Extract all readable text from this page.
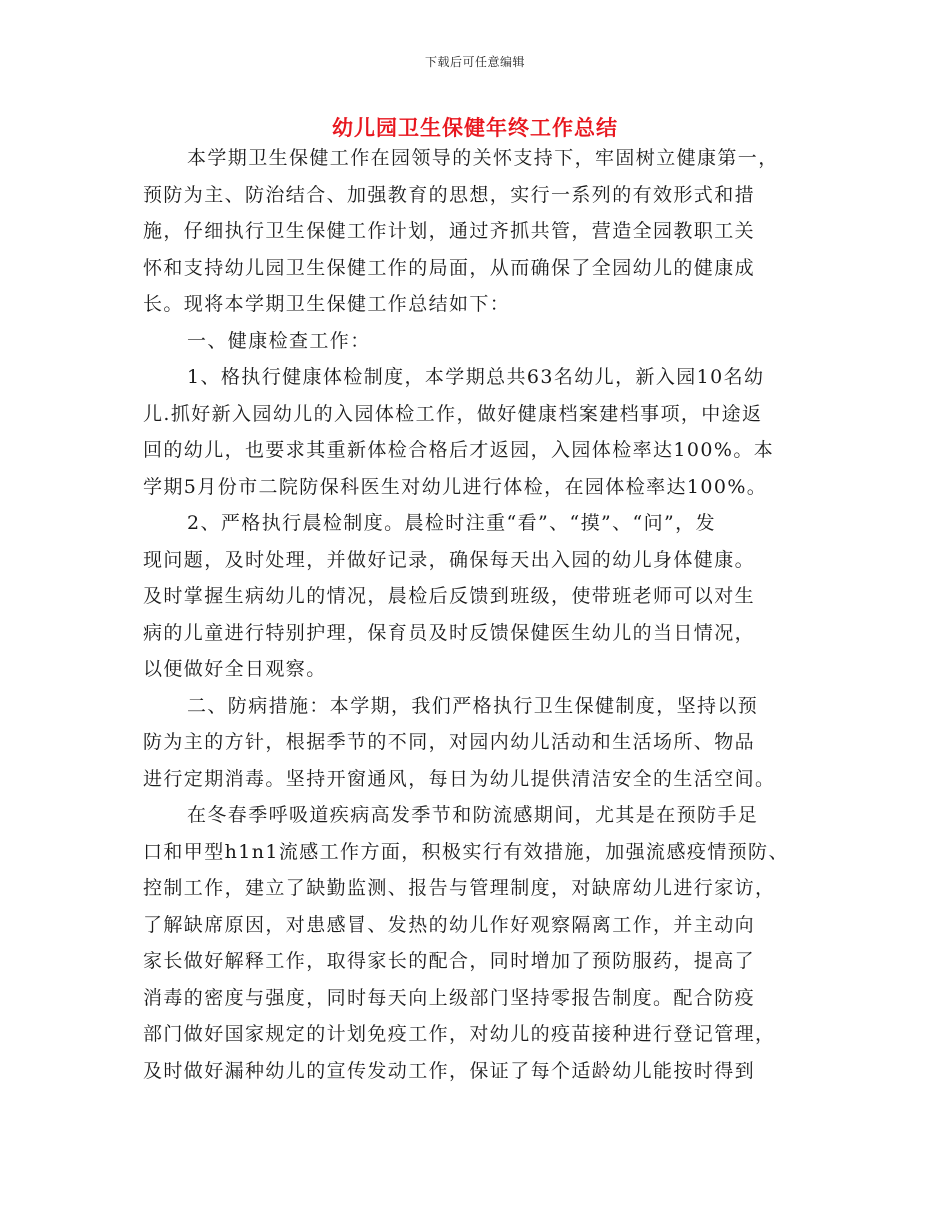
下载后可任意编辑
幼儿园卫生保健年终工作总结
本学期卫生保健工作在园领导的关怀支持下，牢固树立健康第一，
预防为主、防治结合、加强教育的思想，实行一系列的有效形式和措
施，仔细执行卫生保健工作计划，通过齐抓共管，营造全园教职工关
怀和支持幼儿园卫生保健工作的局面，从而确保了全园幼儿的健康成
长。现将本学期卫生保健工作总结如下：
一、健康检查工作：
1、格执行健康体检制度，本学期总共63名幼儿，新入园10名幼
儿.抓好新入园幼儿的入园体检工作，做好健康档案建档事项，中途返
回的幼儿，也要求其重新体检合格后才返园，入园体检率达100%。本
学期5月份市二院防保科医生对幼儿进行体检，在园体检率达100%。
2、严格执行晨检制度。晨检时注重“看”、“摸”、“问”，发
现问题，及时处理，并做好记录，确保每天出入园的幼儿身体健康。
及时掌握生病幼儿的情况，晨检后反馈到班级，使带班老师可以对生
病的儿童进行特别护理，保育员及时反馈保健医生幼儿的当日情况，
以便做好全日观察。
二、防病措施：本学期，我们严格执行卫生保健制度，坚持以预
防为主的方针，根据季节的不同，对园内幼儿活动和生活场所、物品
进行定期消毒。坚持开窗通风，每日为幼儿提供清洁安全的生活空间。
在冬春季呼吸道疾病高发季节和防流感期间，尤其是在预防手足
口和甲型h1n1流感工作方面，积极实行有效措施，加强流感疫情预防、
控制工作，建立了缺勤监测、报告与管理制度，对缺席幼儿进行家访，
了解缺席原因，对患感冒、发热的幼儿作好观察隔离工作，并主动向
家长做好解释工作，取得家长的配合，同时增加了预防服药，提高了
消毒的密度与强度，同时每天向上级部门坚持零报告制度。配合防疫
部门做好国家规定的计划免疫工作，对幼儿的疫苗接种进行登记管理，
及时做好漏种幼儿的宣传发动工作，保证了每个适龄幼儿能按时得到
